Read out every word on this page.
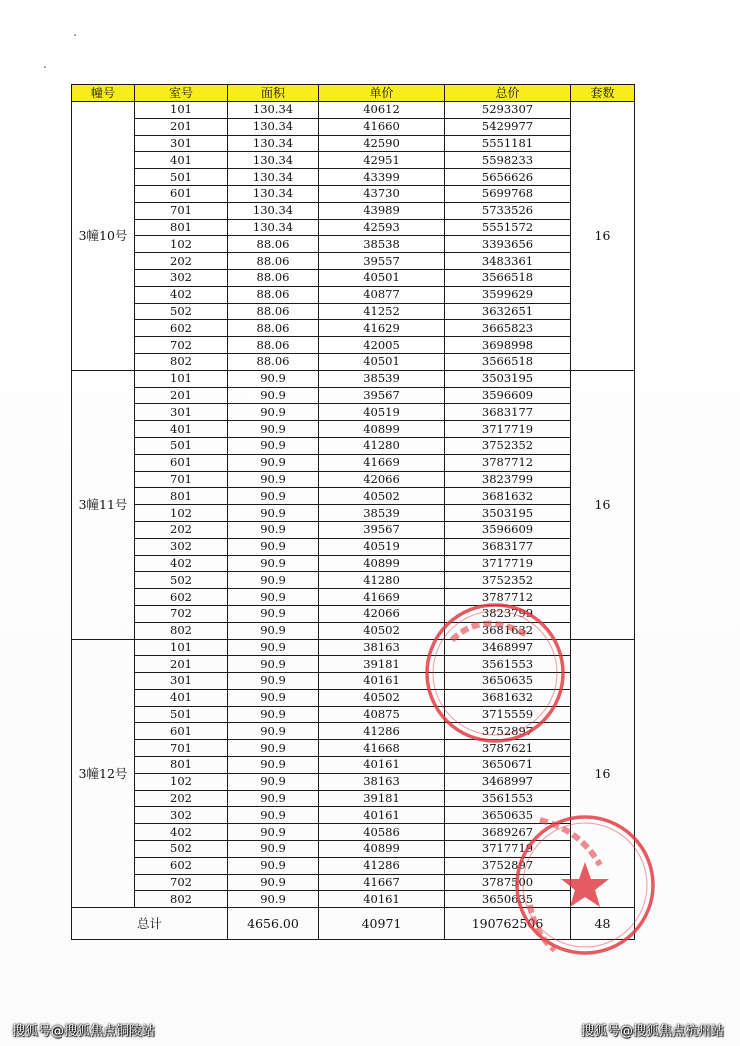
幢号	室号	面积	单价	总价	套数
3幢10号	101	130.34	40612	5293307	16
	201	130.34	41660	5429977	
	301	130.34	42590	5551181	
	401	130.34	42951	5598233	
	501	130.34	43399	5656626	
	601	130.34	43730	5699768	
	701	130.34	43989	5733526	
	801	130.34	42593	5551572	
	102	88.06	38538	3393656	
	202	88.06	39557	3483361	
	302	88.06	40501	3566518	
	402	88.06	40877	3599629	
	502	88.06	41252	3632651	
	602	88.06	41629	3665823	
	702	88.06	42005	3698998	
	802	88.06	40501	3566518	
3幢11号	101	90.9	38539	3503195	16
	201	90.9	39567	3596609	
	301	90.9	40519	3683177	
	401	90.9	40899	3717719	
	501	90.9	41280	3752352	
	601	90.9	41669	3787712	
	701	90.9	42066	3823799	
	801	90.9	40502	3681632	
	102	90.9	38539	3503195	
	202	90.9	39567	3596609	
	302	90.9	40519	3683177	
	402	90.9	40899	3717719	
	502	90.9	41280	3752352	
	602	90.9	41669	3787712	
	702	90.9	42066	3823799	
	802	90.9	40502	3681632	
3幢12号	101	90.9	38163	3468997	16
	201	90.9	39181	3561553	
	301	90.9	40161	3650635	
	401	90.9	40502	3681632	
	501	90.9	40875	3715559	
	601	90.9	41286	3752897	
	701	90.9	41668	3787621	
	801	90.9	40161	3650671	
	102	90.9	38163	3468997	
	202	90.9	39181	3561553	
	302	90.9	40161	3650635	
	402	90.9	40586	3689267	
	502	90.9	40899	3717719	
	602	90.9	41286	3752897	
	702	90.9	41667	3787500	
	802	90.9	40161	3650635	
总计		4656.00	40971	190762506	48
搜狐号@搜狐焦点铜陵站	搜狐号@搜狐焦点杭州站
